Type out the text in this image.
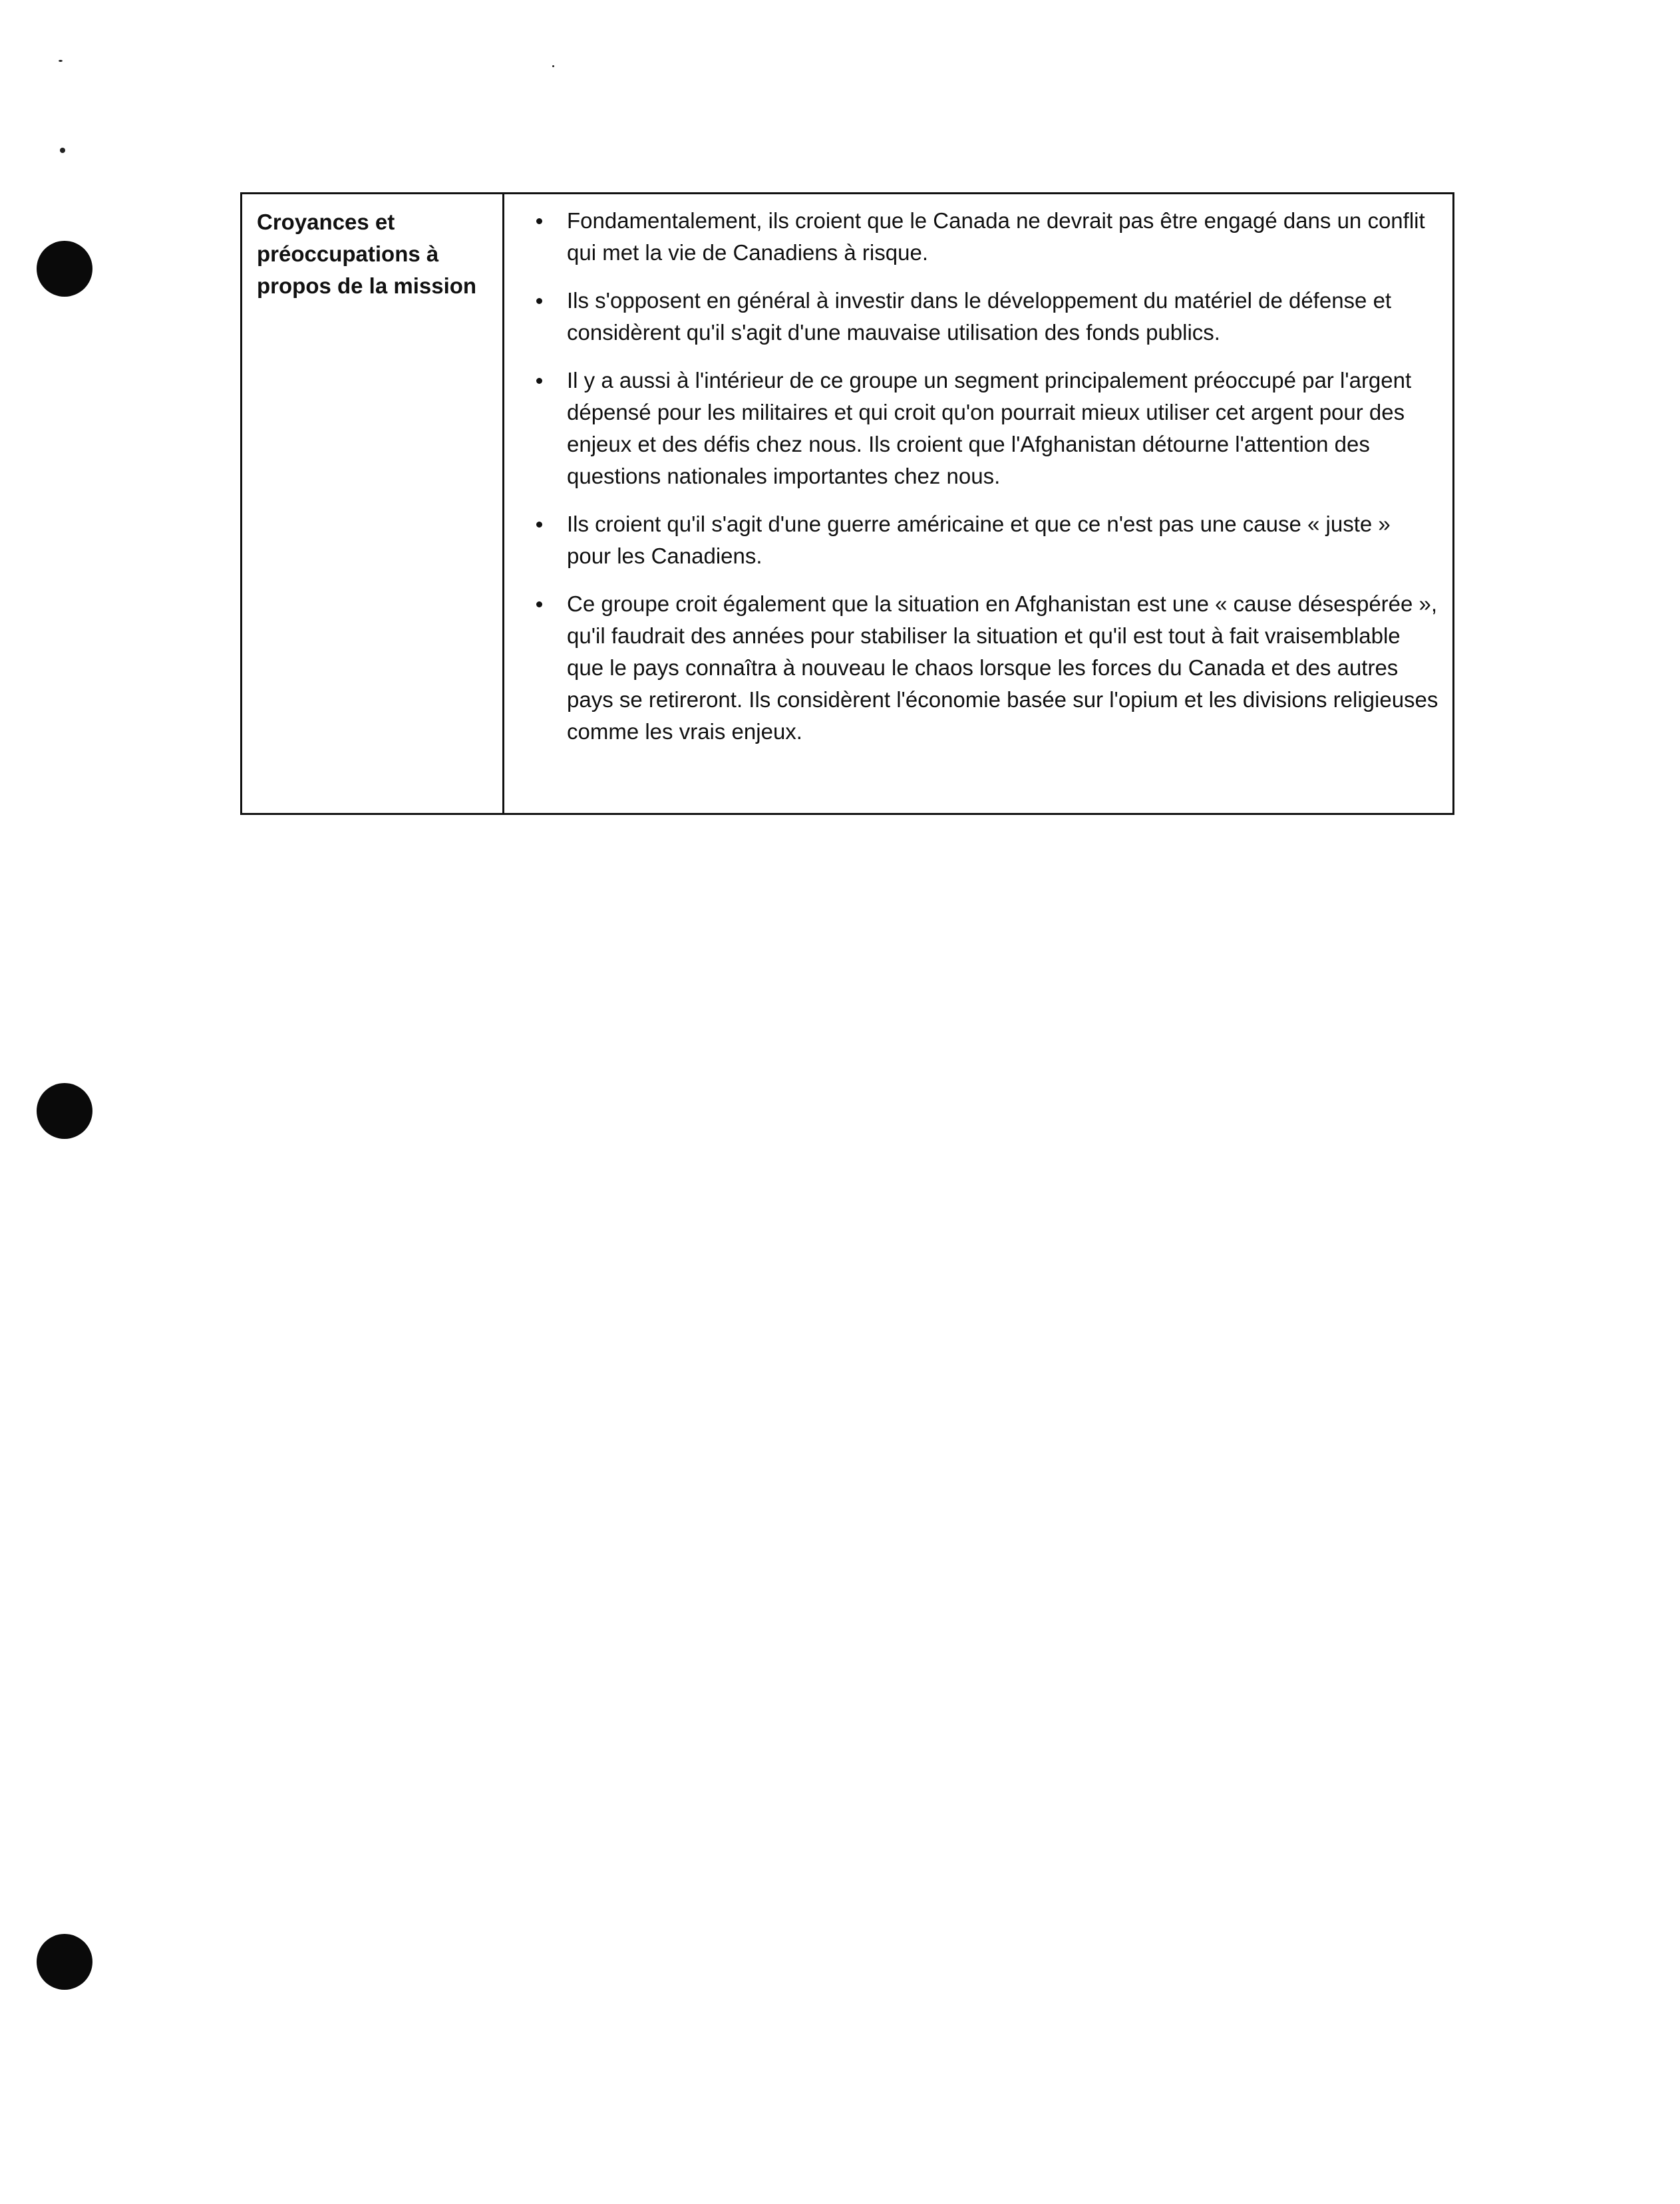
Croyances et préoccupations à propos de la mission
Fondamentalement, ils croient que le Canada ne devrait pas être engagé dans un conflit qui met la vie de Canadiens à risque.
Ils s'opposent en général à investir dans le développement du matériel de défense et considèrent qu'il s'agit d'une mauvaise utilisation des fonds publics.
Il y a aussi à l'intérieur de ce groupe un segment principalement préoccupé par l'argent dépensé pour les militaires et qui croit qu'on pourrait mieux utiliser cet argent pour des enjeux et des défis chez nous. Ils croient que l'Afghanistan détourne l'attention des questions nationales importantes chez nous.
Ils croient qu'il s'agit d'une guerre américaine et que ce n'est pas une cause « juste » pour les Canadiens.
Ce groupe croit également que la situation en Afghanistan est une « cause désespérée », qu'il faudrait des années pour stabiliser la situation et qu'il est tout à fait vraisemblable que le pays connaîtra à nouveau le chaos lorsque les forces du Canada et des autres pays se retireront. Ils considèrent l'économie basée sur l'opium et les divisions religieuses comme les vrais enjeux.
